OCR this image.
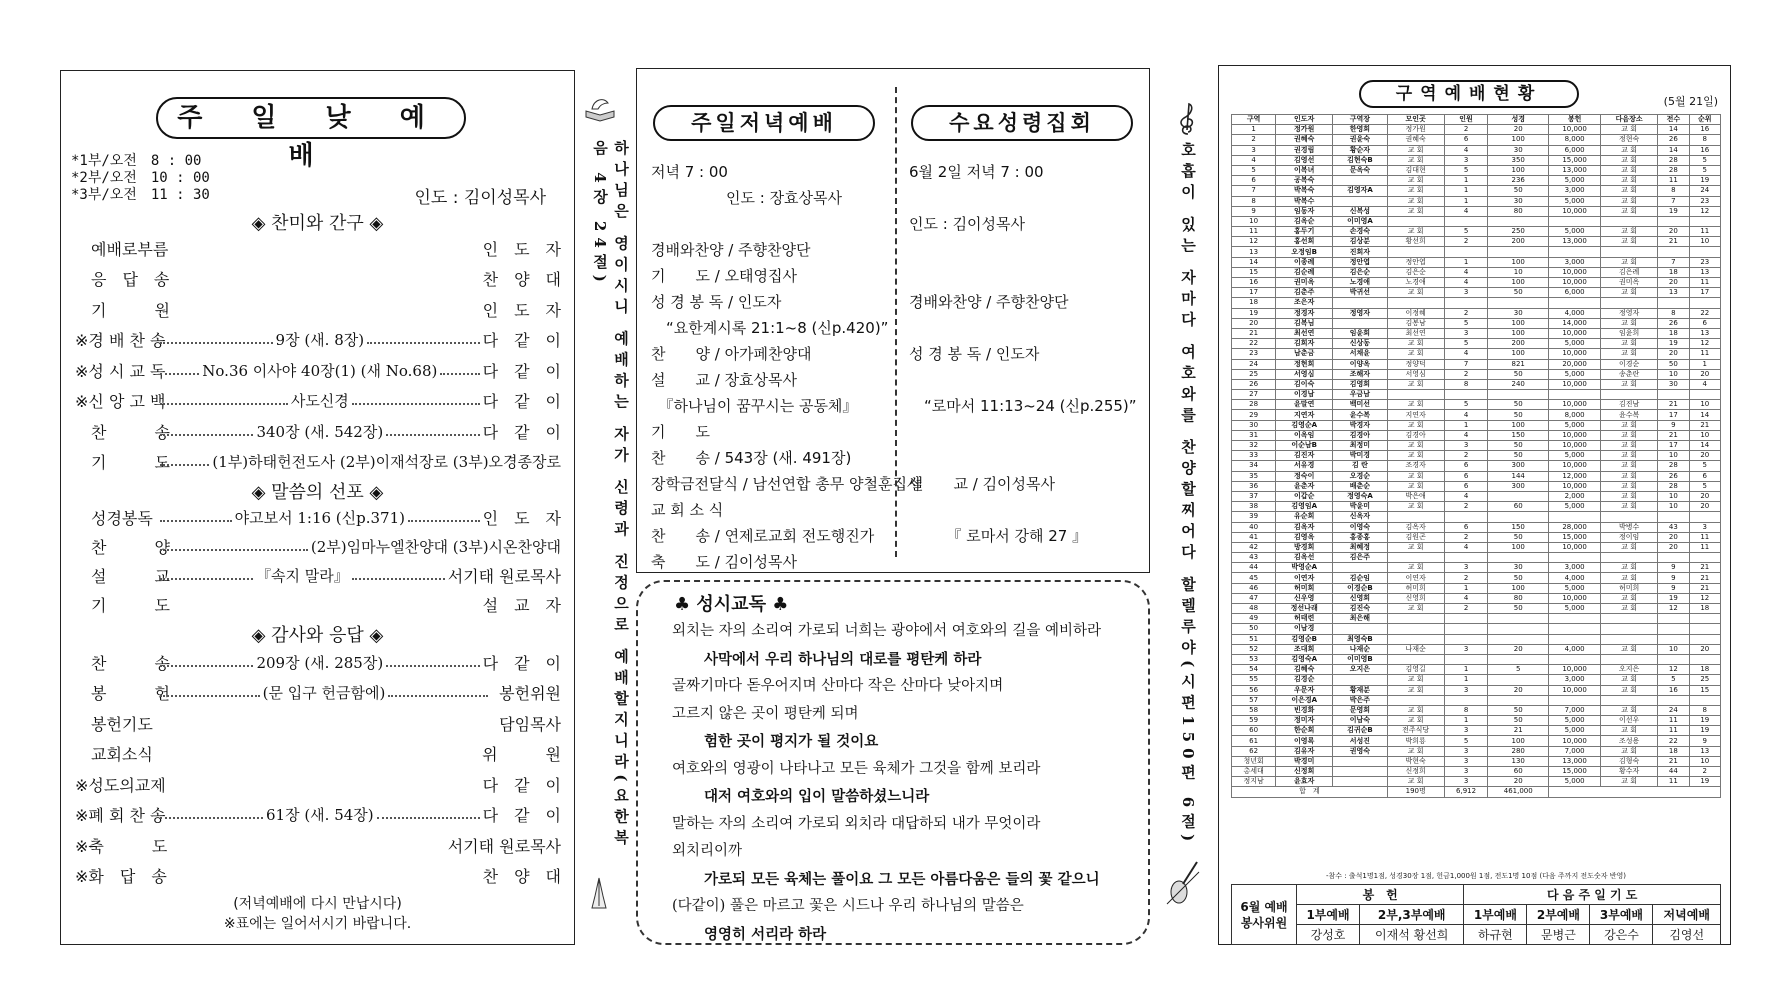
주 일 낮 예 배
*1부/오전　8 : 00
*2부/오전　10 : 00
*3부/오전　11 : 30	인도 : 김이성목사
◈ 찬미와 간구 ◈
　예배로부름	인　도　자
　응　답　송	찬　양　대
　기　　　원	인　도　자
※경 배 찬 송	9장 (새. 8장)	다　같　이
※성 시 교 독 No.36 이사야 40장(1) (새 No.68)	다　같　이
※신 앙 고 백	사도신경	다　같　이
　찬　　　송	340장 (새. 542장)	다　같　이
　기　　　도	(1부)하태헌전도사 (2부)이재석장로 (3부)오경종장로
◈ 말씀의 선포 ◈
　성경봉독	야고보서 1:16 (신p.371)	인　도　자
　찬　　　양	(2부)임마누엘찬양대 (3부)시온찬양대
　설　　　교	『속지 말라』	서기태 원로목사
　기　　　도	설　교　자
◈ 감사와 응답 ◈
　찬　　　송	209장 (새. 285장)	다　같　이
　봉　　　헌	(문 입구 헌금함에)	봉헌위원
　봉헌기도	담임목사
　교회소식	위　　　원
※성도의교제	다　같　이
※폐 회 찬 송	61장 (새. 54장)	다　같　이
※축　　　도	서기태 원로목사
※화　답　송	찬　양　대
(저녁예배에 다시 만납시다)
※표에는 일어서시기 바랍니다.
하나님은 영이시니 예배하는 자가 신령과 진정으로 예배할지니라(요한복음 4장 24절)
주일저녁예배
저녁 7 : 00
　　　　　인도 : 장효상목사

경배와찬양 / 주향찬양단
기　　도 / 오태영집사
성 경 봉 독 / 인도자
　“요한계시록 21:1~8 (신p.420)”
찬　　양 / 아가페찬양대
설　　교 / 장효상목사
　『하나님이 꿈꾸시는 공동체』
기　　도
찬　　송 / 543장 (새. 491장)
장학금전달식 / 남선연합 총무 양철훈집사
교 회 소 식
찬　　송 / 연제로교회 전도행진가
축　　도 / 김이성목사
수요성령집회
6월 2일 저녁 7 : 00

인도 : 김이성목사

경배와찬양 / 주향찬양단

성 경 봉 독 / 인도자

　“로마서 11:13~24 (신p.255)”

설　　교 / 김이성목사

　　　『 로마서 강해 27 』
♣ 성시교독 ♣
외치는 자의 소리여 가로되 너희는 광야에서 여호와의 길을 예비하라
사막에서 우리 하나님의 대로를 평탄케 하라
골짜기마다 돋우어지며 산마다 작은 산마다 낮아지며
고르지 않은 곳이 평탄케 되며
험한 곳이 평지가 될 것이요
여호와의 영광이 나타나고 모든 육체가 그것을 함께 보리라
대저 여호와의 입이 말씀하셨느니라
말하는 자의 소리여 가로되 외치라 대답하되 내가 무엇이라
외치리이까
가로되 모든 육체는 풀이요 그 모든 아름다움은 들의 꽃 같으니
(다같이) 풀은 마르고 꽃은 시드나 우리 하나님의 말씀은
영영히 서리라 하라
호흡이 있는 자마다 여호와를 찬양할찌어다 할렐루야(시편150편 6절)
구역예배현황	(5월 21일)
구역	인도자	구역장	모인곳	인원	성경	봉헌	다음장소	전수	순위
1	정가원	한영희	정가원	2	20	10,000	교 회	14	16
2	권혜숙	권윤숙	권혜숙	6	100	8,000	정현숙	26	8
3	권경림	황순자	교 회	4	30	6,000	교 회	14	16
4	김영선	김현숙B	교 회	3	350	15,000	교 회	28	5
5	이복녀	문옥숙	김대현	5	100	13,000	교 회	28	5
6	공복숙		교 회	1	236	5,000	교 회	11	19
7	박복숙	김영자A	교 회	1	50	3,000	교 회	8	24
8	박복수		교 회	1	30	5,000	교 회	7	23
9	임동자	신복성	교 회	4	80	10,000	교 회	19	12
10	김옥순	이미영A							
11	홍두기	손경숙	교 회	5	250	5,000	교 회	20	11
12	홍선희	김상분	황선희	2	200	13,000	교 회	21	10
13	오정임B	진희자							
14	이종례	정안엽	정안엽	1	100	3,000	교 회	7	23
15	김순례	김은순	김은순	4	10	10,000	김은례	18	13
16	권미옥	노경애	노경애	4	100	10,000	권미옥	20	11
17	김춘주	박귀선	교 회	3	50	6,000	교 회	13	17
18	조은자								
19	정경자	정영자	이정혜	2	30	4,000	정영자	8	22
20	김복님		김봉남	5	100	14,000	교 회	26	6
21	최선연	임윤희	최선연	3	100	10,000	임윤희	18	13
22	김희자	신상동	교 회	5	200	5,000	교 회	19	12
23	남춘금	서채윤	교 회	4	100	10,000	교 회	20	11
24	정현희	이양옥	정양덕	7	821	20,000	이경순	50	1
25	서영심	조해자	서영심	2	50	5,000	송춘란	10	20
26	김이숙	김영희	교 회	8	240	10,000	교 회	30	4
27	이경남	우금남							
28	윤말연	백미선	교 회	5	50	10,000	김진남	21	10
29	지연자	윤수복	지연자	4	50	8,000	윤수복	17	14
30	김영순A	박경자	교 회	1	100	5,000	교 회	9	21
31	이옥임	김경아	김경아	4	150	10,000	교 회	21	10
32	이순남B	최정미	교 회	3	50	10,000	교 회	17	14
33	김진자	박미경	교 회	2	50	5,000	교 회	10	20
34	서유경	김 란	조경자	6	300	10,000	교 회	28	5
35	정숙이	오경순	교 회	6	144	12,000	교 회	26	6
36	윤춘자	배춘순	교 회	6	300	10,000	교 회	28	5
37	이갑순	정영숙A	박은애	4		2,000	교 회	10	20
38	김영임A	박윤미	교 회	2	60	5,000	교 회	10	20
39	유순희	신옥자							
40	김옥자	이영숙	김옥자	6	150	28,000	박병수	43	3
41	김영옥	홍종홍	김원곤	2	50	15,000	정이임	20	11
42	방경희	최혜정	교 회	4	100	10,000	교 회	20	11
43	김옥선	김은주							
44	박영순A		교 회	3	30	3,000	교 회	9	21
45	이연자	김순임	이연자	2	50	4,000	교 회	9	21
46	허미희	이경순B	허미희	1	100	5,000	허미희	9	21
47	신우영	신영희	신영희	4	80	10,000	교 회	19	12
48	정선나래	김진숙	교 회	2	50	5,000	교 회	12	18
49	허태련	최은해							
50	이남경								
51	김영순B	최영숙B							
52	조대희	나재순	나재순	3	20	4,000	교 회	10	20
53	김영숙A	이미영B							
54	김혜숙	오지은	김영길	1	5	10,000	오지은	12	18
55	김경순		교 회	1		3,000	교 회	5	25
56	우문자	황재분	교 회	3	20	10,000	교 회	16	15
57	이은경A	박은주							
58	빈경화	문영희	교 회	8	50	7,000	교 회	24	8
59	정미자	이남숙	교 회	1	50	5,000	이선우	11	19
60	한순희	김귀순B	전주식당	3	21	5,000	교 회	11	19
61	이영록	서성진	박희룡	5	100	10,000	조성용	22	9
62	김유자	권영숙	교 회	3	280	7,000	교 회	18	13
청년회	박경미		박현숙	3	130	13,000	김형숙	21	10
총세대	신정희		신정희	3	60	15,000	황수자	44	2
정지남	윤효자		교 회	3	20	5,000	교 회	11	19
합　계			190명	6,912	461,000				
-참수 : 출석1명1점, 성경30장 1점, 헌금1,000원 1점, 전도1명 10점 (다음 주까지 전도숫자 반영)
6월 예배
봉사위원	봉　헌		다 음 주 일 기 도			
	1부예배	2부,3부예배	1부예배	2부예배	3부예배	저녁예배
	강성호	이재석 황선희	하규현	문병근	강은수	김영선
